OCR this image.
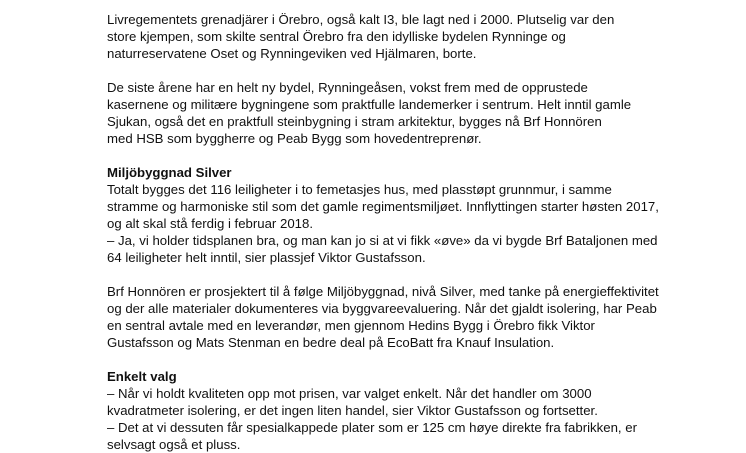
Livregementets grenadjärer i Örebro, også kalt I3, ble lagt ned i 2000. Plutselig var den
store kjempen, som skilte sentral Örebro fra den idylliske bydelen Rynninge og
naturreservatene Oset og Rynningeviken ved Hjälmaren, borte.

De siste årene har en helt ny bydel, Rynningeåsen, vokst frem med de opprustede
kasernene og militære bygningene som praktfulle landemerker i sentrum. Helt inntil gamle
Sjukan, også det en praktfull steinbygning i stram arkitektur, bygges nå Brf Honnören
med HSB som byggherre og Peab Bygg som hovedentreprenør.

Miljöbyggnad Silver

Totalt bygges det 116 leiligheter i to femetasjes hus, med plasstøpt grunnmur, i samme
stramme og harmoniske stil som det gamle regimentsmiljøet. Innflyttingen starter høsten 2017,
og alt skal stå ferdig i februar 2018.
– Ja, vi holder tidsplanen bra, og man kan jo si at vi fikk «øve» da vi bygde Brf Bataljonen med
64 leiligheter helt inntil, sier plassjef Viktor Gustafsson.

Brf Honnören er prosjektert til å følge Miljöbyggnad, nivå Silver, med tanke på energieffektivitet
og der alle materialer dokumenteres via byggvareevaluering. Når det gjaldt isolering, har Peab
en sentral avtale med en leverandør, men gjennom Hedins Bygg i Örebro fikk Viktor
Gustafsson og Mats Stenman en bedre deal på EcoBatt fra Knauf Insulation.

Enkelt valg

– Når vi holdt kvaliteten opp mot prisen, var valget enkelt. Når det handler om 3000
kvadratmeter isolering, er det ingen liten handel, sier Viktor Gustafsson og fortsetter.
– Det at vi dessuten får spesialkappede plater som er 125 cm høye direkte fra fabrikken, er
selvsagt også et pluss.
